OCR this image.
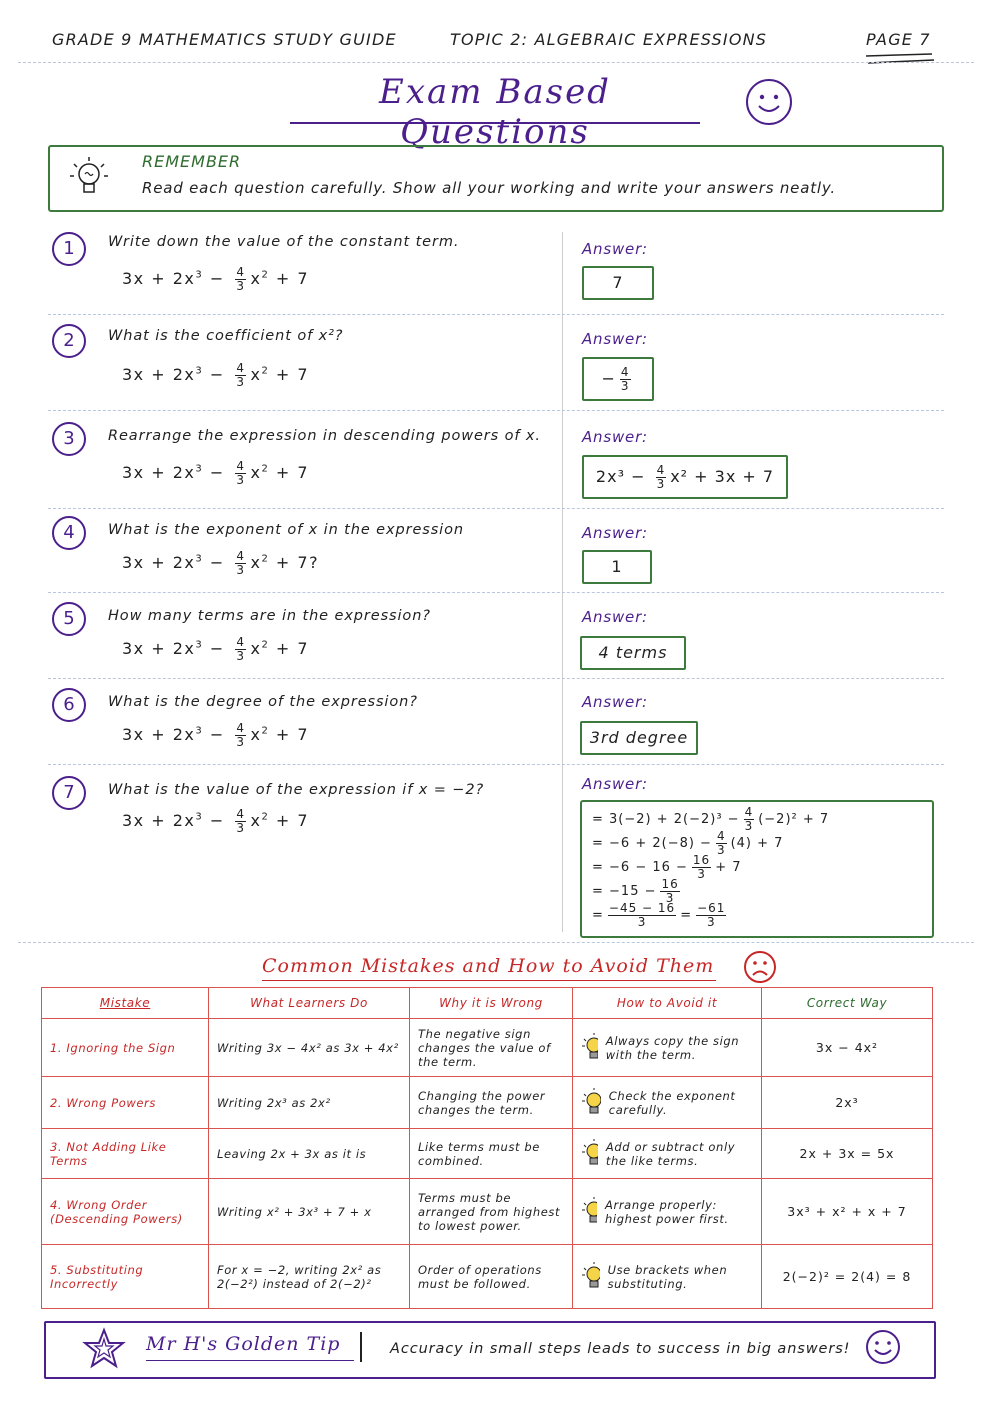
GRADE 9 MATHEMATICS STUDY GUIDE	TOPIC 2: ALGEBRAIC EXPRESSIONS	PAGE 7
Exam Based Questions
REMEMBER
Read each question carefully. Show all your working and write your answers neatly.
1	Write down the value of the constant term.
$3x + 2x^3 - \frac{4}{3} x^2 + 7$
Answer:
7
2	What is the coefficient of x²?
$3x + 2x^3 - \frac{4}{3} x^2 + 7$
Answer:
− $\frac{4}{3}$
3	Rearrange the expression in descending powers of x.
$3x + 2x^3 - \frac{4}{3} x^2 + 7$
Answer:
$2x^3 - \frac{4}{3} x^2 + 3x + 7$
4	What is the exponent of x in the expression
$3x + 2x^3 - \frac{4}{3} x^2 + 7$?
Answer:
1
5	How many terms are in the expression?
$3x + 2x^3 - \frac{4}{3} x^2 + 7$
Answer:
4 terms
6	What is the degree of the expression?
$3x + 2x^3 - \frac{4}{3} x^2 + 7$
Answer:
3rd degree
7	What is the value of the expression if x = −2?
$3x + 2x^3 - \frac{4}{3} x^2 + 7$
Answer:
= $3(-2) + 2(-2)^3 - \frac{4}{3} (-2)^2 + 7$
= $-6 + 2(-8) - \frac{4}{3} (4) + 7$
= $-6 - 16 - \frac{16}{3} + 7$
= $-15 - \frac{16}{3}$
= $\frac{-45 - 16}{3} = \frac{-61}{3}$
Common Mistakes and How to Avoid Them
Mistake	What Learners Do	Why it is Wrong	How to Avoid it	Correct Way
1. Ignoring the Sign	Writing 3x − 4x² as 3x + 4x²	The negative sign changes the value of the term.	Always copy the sign with the term.	3x − 4x²
2. Wrong Powers	Writing 2x³ as 2x²	Changing the power changes the term.	Check the exponent carefully.	2x³
3. Not Adding Like Terms	Leaving 2x + 3x as it is	Like terms must be combined.	Add or subtract only the like terms.	2x + 3x = 5x
4. Wrong Order (Descending Powers)	Writing x² + 3x³ + 7 + x	Terms must be arranged from highest to lowest power.	Arrange properly: highest power first.	3x³ + x² + x + 7
5. Substituting Incorrectly	For x = −2, writing 2x² as 2(−2²) instead of 2(−2)²	Order of operations must be followed.	Use brackets when substituting.	2(−2)² = 2(4) = 8
Mr H's Golden Tip	Accuracy in small steps leads to success in big answers!
